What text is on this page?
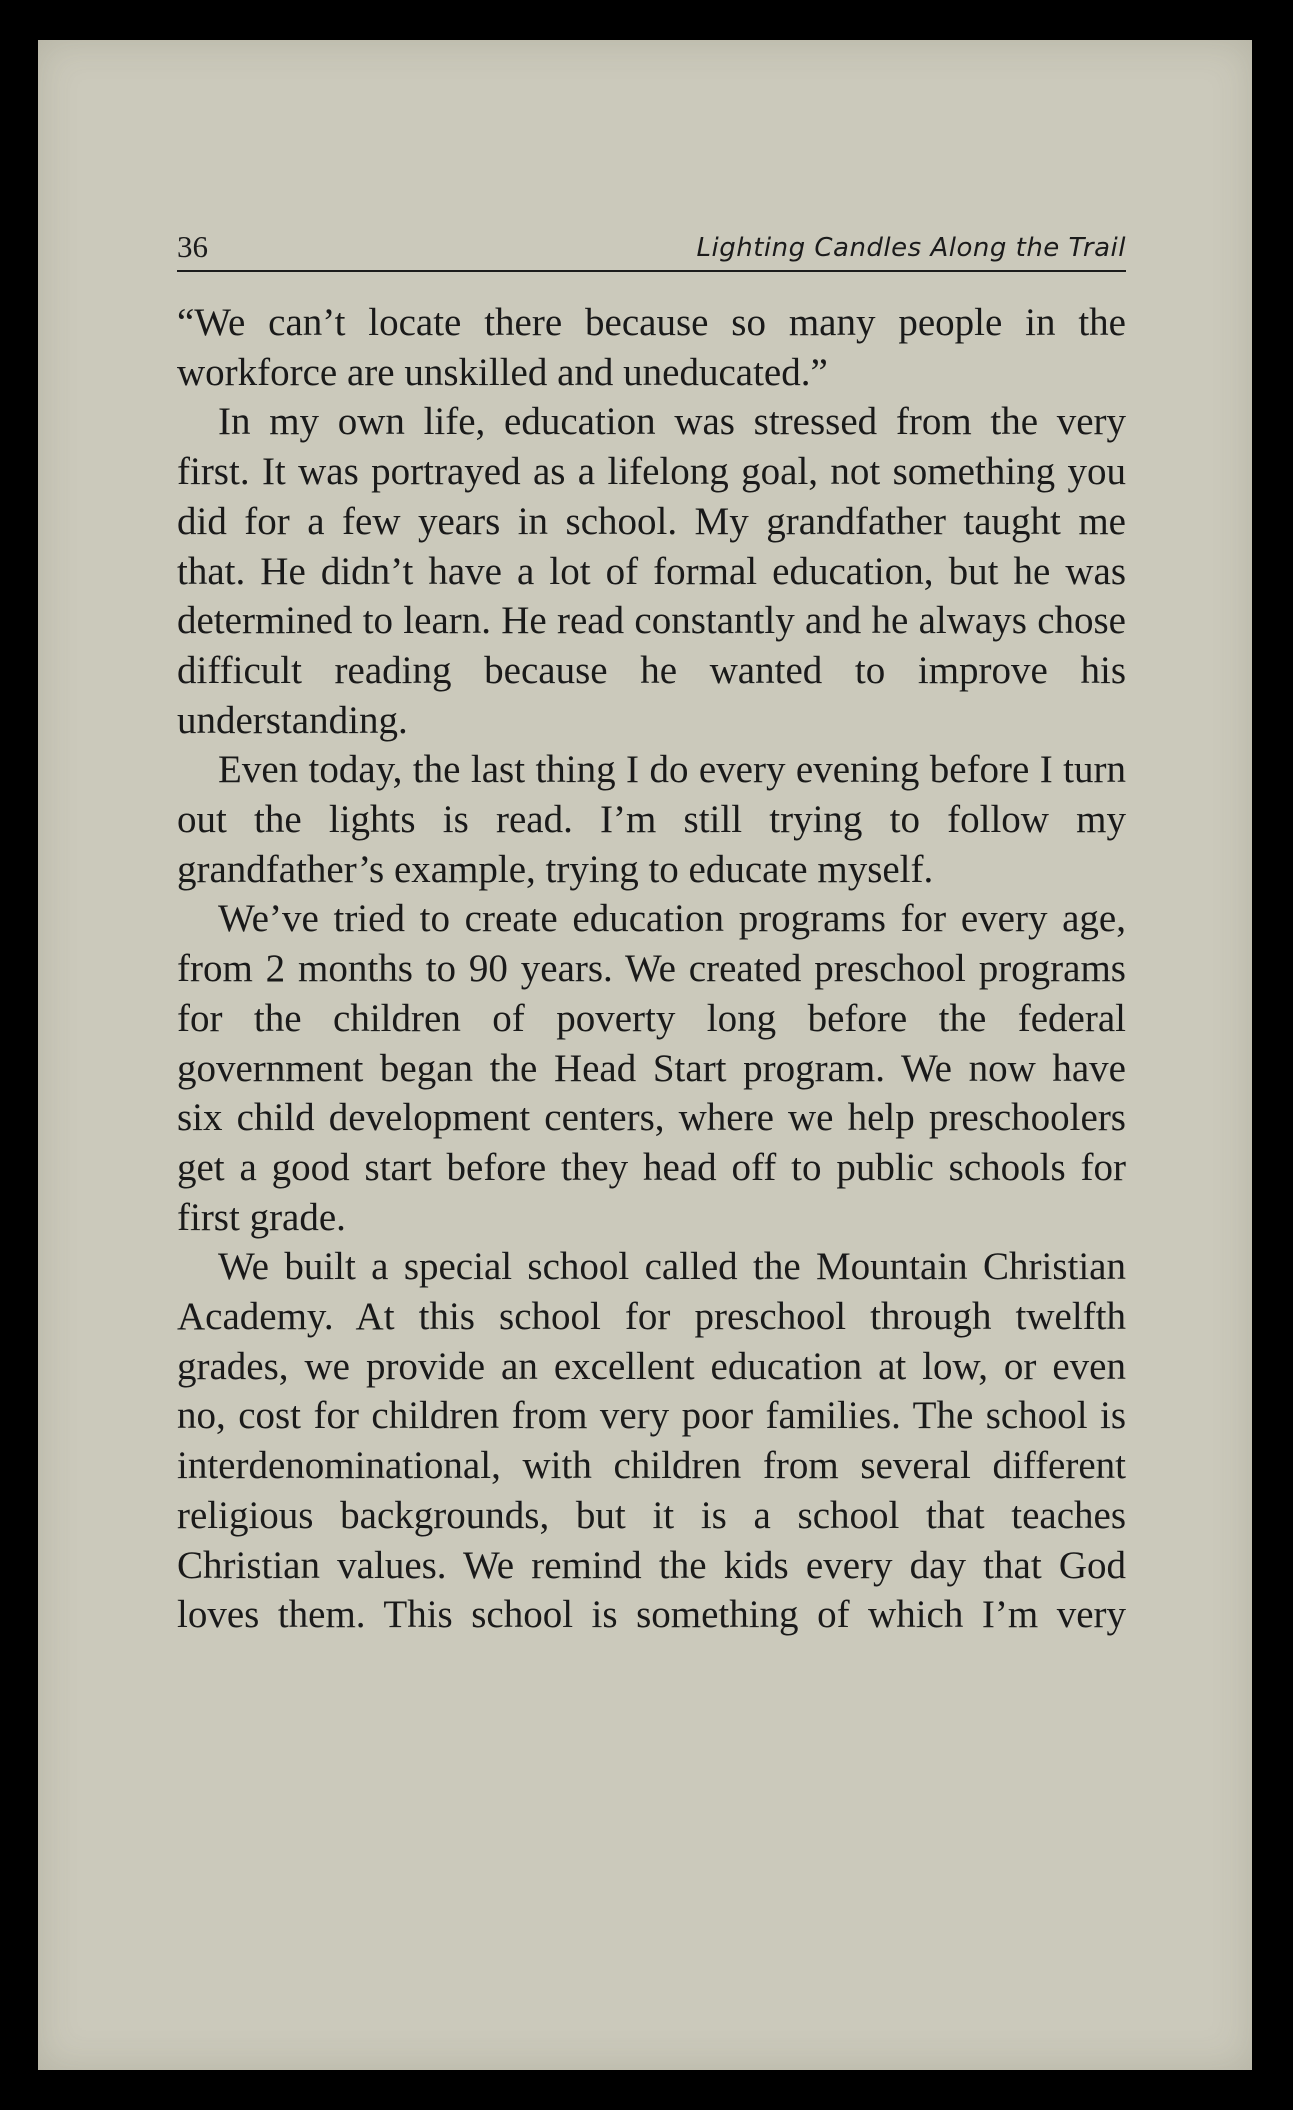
36	Lighting Candles Along the Trail

“We can’t locate there because so many people in the workforce are unskilled and uneducated.”

In my own life, education was stressed from the very first. It was portrayed as a lifelong goal, not something you did for a few years in school. My grandfather taught me that. He didn’t have a lot of formal education, but he was determined to learn. He read constantly and he always chose difficult reading because he wanted to improve his understanding.

Even today, the last thing I do every evening before I turn out the lights is read. I’m still trying to follow my grandfather’s example, trying to educate myself.

We’ve tried to create education programs for every age, from 2 months to 90 years. We created preschool programs for the children of poverty long before the federal government began the Head Start program. We now have six child development centers, where we help preschoolers get a good start before they head off to public schools for first grade.

We built a special school called the Mountain Christian Academy. At this school for preschool through twelfth grades, we provide an excellent education at low, or even no, cost for children from very poor families. The school is interdenominational, with children from several different religious backgrounds, but it is a school that teaches Christian values. We remind the kids every day that God loves them. This school is something of which I’m very
